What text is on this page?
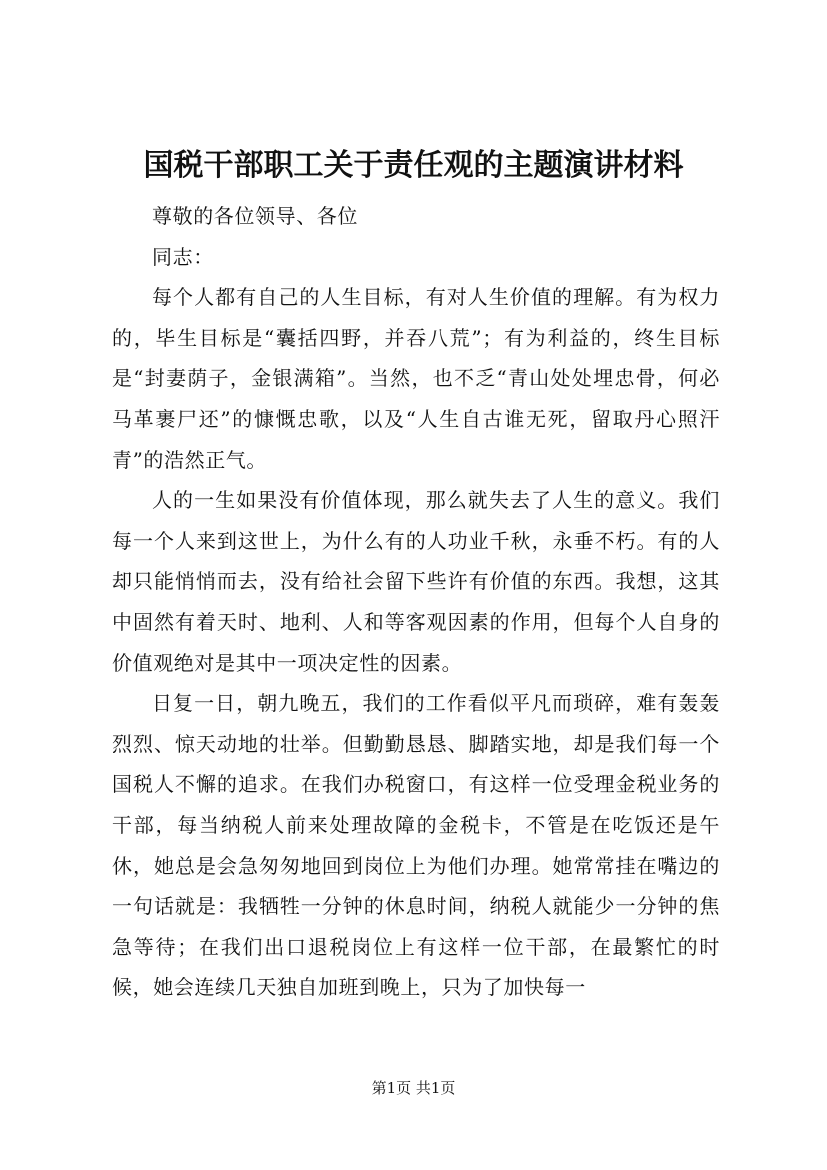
国税干部职工关于责任观的主题演讲材料

尊敬的各位领导、各位

同志：

每个人都有自己的人生目标，有对人生价值的理解。有为权力的，毕生目标是“囊括四野，并吞八荒”；有为利益的，终生目标是“封妻荫子，金银满箱”。当然，也不乏“青山处处埋忠骨，何必马革裹尸还”的慷慨忠歌，以及“人生自古谁无死，留取丹心照汗青”的浩然正气。

人的一生如果没有价值体现，那么就失去了人生的意义。我们每一个人来到这世上，为什么有的人功业千秋，永垂不朽。有的人却只能悄悄而去，没有给社会留下些许有价值的东西。我想，这其中固然有着天时、地利、人和等客观因素的作用，但每个人自身的价值观绝对是其中一项决定性的因素。

日复一日，朝九晚五，我们的工作看似平凡而琐碎，难有轰轰烈烈、惊天动地的壮举。但勤勤恳恳、脚踏实地，却是我们每一个国税人不懈的追求。在我们办税窗口，有这样一位受理金税业务的干部，每当纳税人前来处理故障的金税卡，不管是在吃饭还是午休，她总是会急匆匆地回到岗位上为他们办理。她常常挂在嘴边的一句话就是：我牺牲一分钟的休息时间，纳税人就能少一分钟的焦急等待；在我们出口退税岗位上有这样一位干部，在最繁忙的时候，她会连续几天独自加班到晚上，只为了加快每一

第1页 共1页
